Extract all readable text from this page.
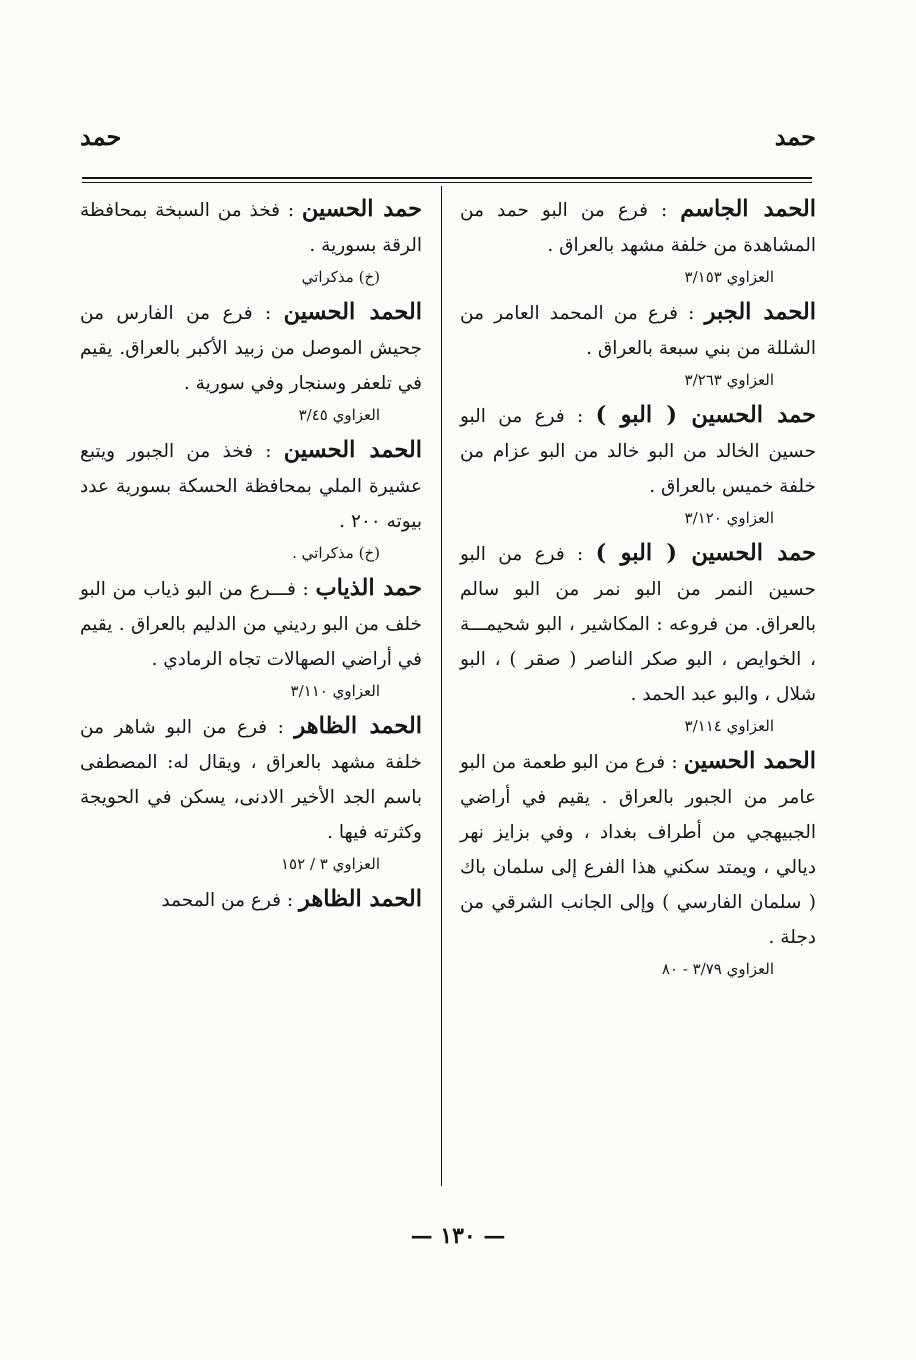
حمد
حمد

الحمد الجاسم : فرع من البو حمد من المشاهدة من خلفة مشهد بالعراق .

العزاوي ٣/١٥٣

الحمد الجبر : فرع من المحمد العامر من الشللة من بني سبعة بالعراق .

العزاوي ٣/٢٦٣

حمد الحسين ( البو ) : فرع من البو حسين الخالد من البو خالد من البو عزام من خلفة خميس بالعراق .

العزاوي ٣/١٢٠

حمد الحسين ( البو ) : فرع من البو حسين النمر من البو نمر من البو سالم بالعراق. من فروعه : المكاشير ، البو شحيمـــة ، الخوايص ، البو صكر الناصر ( صقر ) ، البو شلال ، والبو عبد الحمد .

العزاوي ٣/١١٤

الحمد الحسين : فرع من البو طعمة من البو عامر من الجبور بالعراق . يقيم في أراضي الجبيهجي من أطراف بغداد ، وفي بزايز نهر ديالي ، ويمتد سكني هذا الفرع إلى سلمان باك ( سلمان الفارسي ) وإلى الجانب الشرقي من دجلة .

العزاوي ٣/٧٩ - ٨٠

حمد الحسين : فخذ من السبخة بمحافظة الرقة بسورية .

(خ) مذكراتي

الحمد الحسين : فرع من الفارس من جحيش الموصل من زبيد الأكبر بالعراق. يقيم في تلعفر وسنجار وفي سورية .

العزاوي ٣/٤٥

الحمد الحسين : فخذ من الجبور ويتبع عشيرة الملي بمحافظة الحسكة بسورية عدد بيوته ٢٠٠ .

(خ) مذكراتي .

حمد الذياب : فـــرع من البو ذياب من البو خلف من البو رديني من الدليم بالعراق . يقيم في أراضي الصهالات تجاه الرمادي .

العزاوي ٣/١١٠

الحمد الظاهر : فرع من البو شاهر من خلفة مشهد بالعراق ، ويقال له: المصطفى باسم الجد الأخير الادنى، يسكن في الحويجة وكثرته فيها .

العزاوي ٣ / ١٥٢

الحمد الظاهر : فرع من المحمد

— ١٣٠ —
